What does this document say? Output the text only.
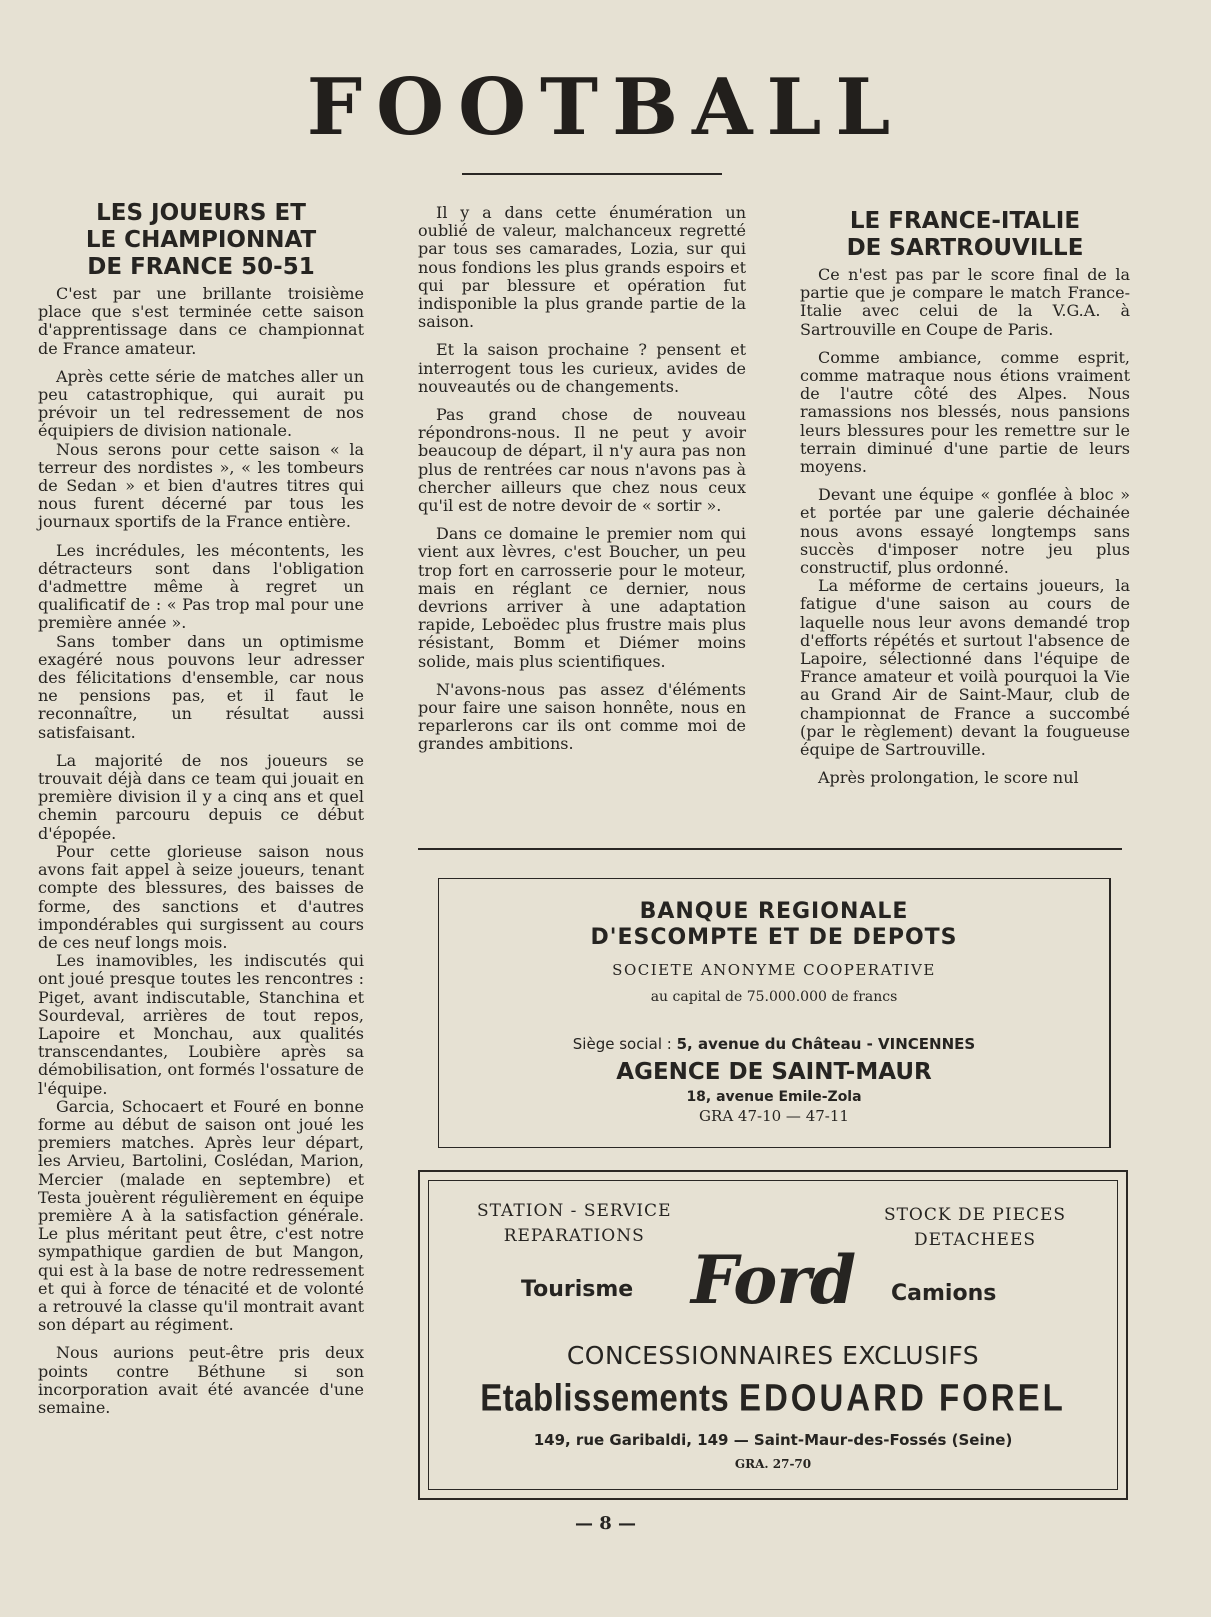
FOOTBALL
LES JOUEURS ET
LE CHAMPIONNAT
DE FRANCE 50-51

C'est par une brillante troisième place que s'est terminée cette saison d'apprentissage dans ce championnat de France amateur.

Après cette série de matches aller un peu catastrophique, qui aurait pu prévoir un tel redressement de nos équipiers de division nationale.

Nous serons pour cette saison « la terreur des nordistes », « les tombeurs de Sedan » et bien d'autres titres qui nous furent décerné par tous les journaux sportifs de la France entière.

Les incrédules, les mécontents, les détracteurs sont dans l'obligation d'admettre même à regret un qualificatif de : « Pas trop mal pour une première année ».

Sans tomber dans un optimisme exagéré nous pouvons leur adresser des félicitations d'ensemble, car nous ne pensions pas, et il faut le reconnaître, un résultat aussi satisfaisant.

La majorité de nos joueurs se trouvait déjà dans ce team qui jouait en première division il y a cinq ans et quel chemin parcouru depuis ce début d'épopée.

Pour cette glorieuse saison nous avons fait appel à seize joueurs, tenant compte des blessures, des baisses de forme, des sanctions et d'autres impondérables qui surgissent au cours de ces neuf longs mois.

Les inamovibles, les indiscutés qui ont joué presque toutes les rencontres : Piget, avant indiscutable, Stanchina et Sourdeval, arrières de tout repos, Lapoire et Monchau, aux qualités transcendantes, Loubière après sa démobilisation, ont formés l'ossature de l'équipe.

Garcia, Schocaert et Fouré en bonne forme au début de saison ont joué les premiers matches. Après leur départ, les Arvieu, Bartolini, Coslédan, Marion, Mercier (malade en septembre) et Testa jouèrent régulièrement en équipe première A à la satisfaction générale. Le plus méritant peut être, c'est notre sympathique gardien de but Mangon, qui est à la base de notre redressement et qui à force de ténacité et de volonté a retrouvé la classe qu'il montrait avant son départ au régiment.

Nous aurions peut-être pris deux points contre Béthune si son incorporation avait été avancée d'une semaine.

Il y a dans cette énumération un oublié de valeur, malchanceux regretté par tous ses camarades, Lozia, sur qui nous fondions les plus grands espoirs et qui par blessure et opération fut indisponible la plus grande partie de la saison.

Et la saison prochaine ? pensent et interrogent tous les curieux, avides de nouveautés ou de changements.

Pas grand chose de nouveau répondrons-nous. Il ne peut y avoir beaucoup de départ, il n'y aura pas non plus de rentrées car nous n'avons pas à chercher ailleurs que chez nous ceux qu'il est de notre devoir de « sortir ».

Dans ce domaine le premier nom qui vient aux lèvres, c'est Boucher, un peu trop fort en carrosserie pour le moteur, mais en réglant ce dernier, nous devrions arriver à une adaptation rapide, Leboëdec plus frustre mais plus résistant, Bomm et Diémer moins solide, mais plus scientifiques.

N'avons-nous pas assez d'éléments pour faire une saison honnête, nous en reparlerons car ils ont comme moi de grandes ambitions.

LE FRANCE-ITALIE
DE SARTROUVILLE

Ce n'est pas par le score final de la partie que je compare le match France-Italie avec celui de la V.G.A. à Sartrouville en Coupe de Paris.

Comme ambiance, comme esprit, comme matraque nous étions vraiment de l'autre côté des Alpes. Nous ramassions nos blessés, nous pansions leurs blessures pour les remettre sur le terrain diminué d'une partie de leurs moyens.

Devant une équipe « gonflée à bloc » et portée par une galerie déchainée nous avons essayé longtemps sans succès d'imposer notre jeu plus constructif, plus ordonné.

La méforme de certains joueurs, la fatigue d'une saison au cours de laquelle nous leur avons demandé trop d'efforts répétés et surtout l'absence de Lapoire, sélectionné dans l'équipe de France amateur et voilà pourquoi la Vie au Grand Air de Saint-Maur, club de championnat de France a succombé (par le règlement) devant la fougueuse équipe de Sartrouville.

Après prolongation, le score nul

BANQUE REGIONALE
D'ESCOMPTE ET DE DEPOTS
SOCIETE ANONYME COOPERATIVE
au capital de 75.000.000 de francs
Siège social : 5, avenue du Château - VINCENNES
AGENCE DE SAINT-MAUR
18, avenue Emile-Zola
GRA 47-10 — 47-11
STATION - SERVICE
REPARATIONS
STOCK DE PIECES
DETACHEES
Tourisme Ford Camions
CONCESSIONNAIRES EXCLUSIFS
Etablissements EDOUARD FOREL
149, rue Garibaldi, 149 — Saint-Maur-des-Fossés (Seine)
GRA. 27-70
— 8 —
